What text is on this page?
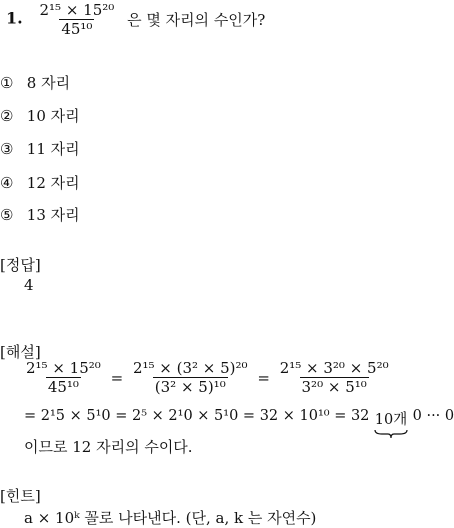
1. $\frac{\text{2¹⁵ × 15²⁰}}{\text{45¹⁰}}$ 은 몇 자리의 수인가?
① 8 자리
② 10 자리
③ 11 자리
④ 12 자리
⑤ 13 자리
[정답]
4
[해설]
$\frac{\text{2¹⁵ × 15²⁰}}{\text{45¹⁰}} = \frac{\text{2¹⁵ × (3² × 5)²⁰}}{\text{(3² × 5)¹⁰}} = \frac{\text{2¹⁵ × 3²⁰ × 5²⁰}}{\text{3²⁰ × 5¹⁰}}$
= 2¹5 × 5¹0 = 2⁵ × 2¹0 × 5¹0 = 32 × 10¹⁰ = 32 10개 0 ··· 0
이므로 12 자리의 수이다.
[힌트]
a × 10ᵏ 꼴로 나타낸다. (단, a, k 는 자연수)
